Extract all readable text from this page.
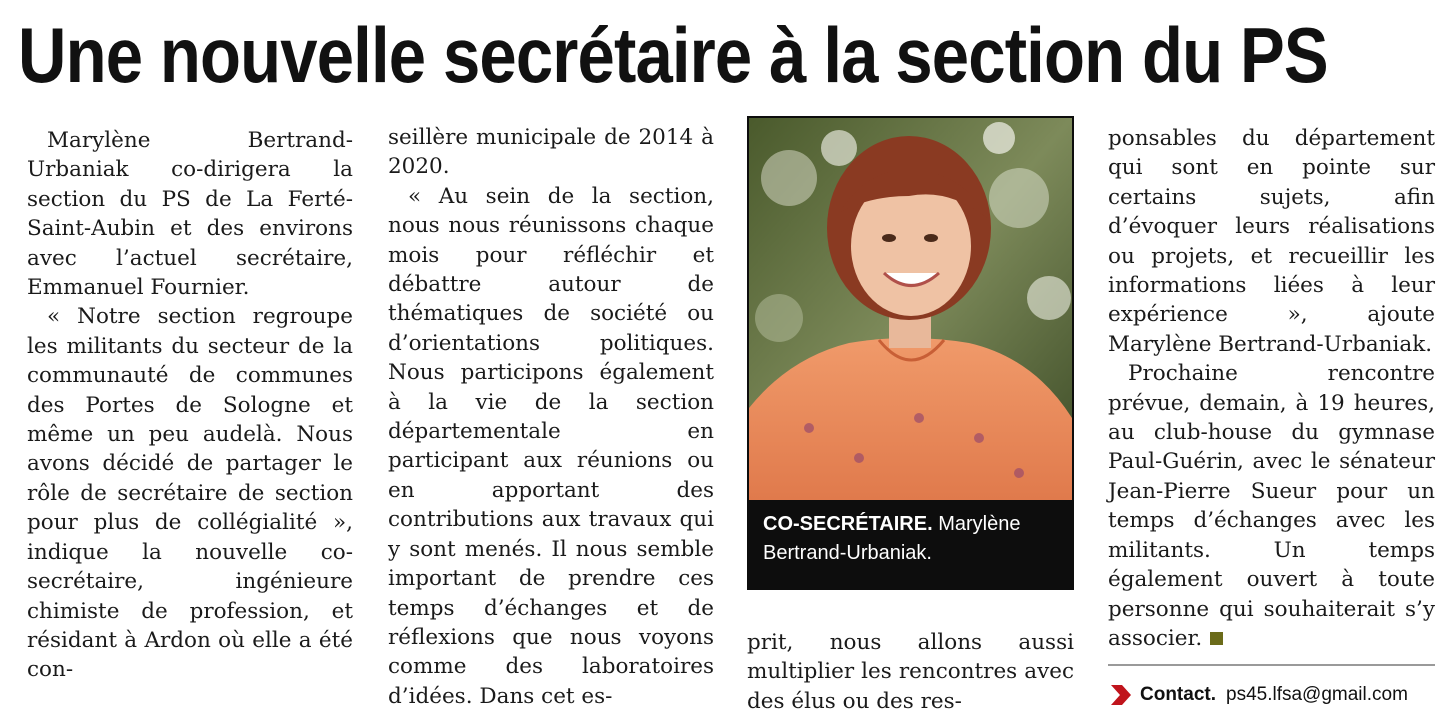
Une nouvelle secrétaire à la section du PS

Marylène Bertrand-Urbaniak co-dirigera la section du PS de La Ferté-Saint-Aubin et des environs avec l’actuel secrétaire, Emmanuel Fournier.

« Notre section regroupe les militants du secteur de la communauté de communes des Portes de Sologne et même un peu audelà. Nous avons décidé de partager le rôle de secrétaire de section pour plus de collégialité », indique la nouvelle co-secrétaire, ingénieure chimiste de profession, et résidant à Ardon où elle a été con-

seillère municipale de 2014 à 2020.

« Au sein de la section, nous nous réunissons chaque mois pour réfléchir et débattre autour de thématiques de société ou d’orientations politiques. Nous participons également à la vie de la section départementale en participant aux réunions ou en apportant des contributions aux travaux qui y sont menés. Il nous semble important de prendre ces temps d’échanges et de réflexions que nous voyons comme des laboratoires d’idées. Dans cet es-

CO-SECRÉTAIRE. Marylène Bertrand-Urbaniak.

prit, nous allons aussi multiplier les rencontres avec des élus ou des res-

ponsables du département qui sont en pointe sur certains sujets, afin d’évoquer leurs réalisations ou projets, et recueillir les informations liées à leur expérience », ajoute Marylène Bertrand-Urbaniak.

Prochaine rencontre prévue, demain, à 19 heures, au club-house du gymnase Paul-Guérin, avec le sénateur Jean-Pierre Sueur pour un temps d’échanges avec les militants. Un temps également ouvert à toute personne qui souhaiterait s’y associer.

Contact. ps45.lfsa@gmail.com
